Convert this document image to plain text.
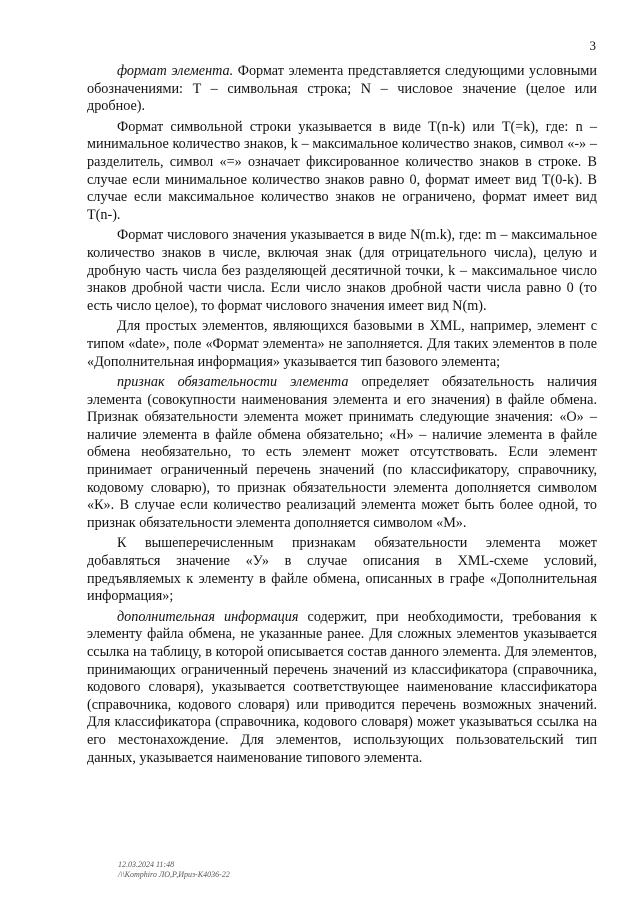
3

формат элемента. Формат элемента представляется следующими условными обозначениями: T – символьная строка; N – числовое значение (целое или дробное).

Формат символьной строки указывается в виде T(n-k) или T(=k), где: n – минимальное количество знаков, k – максимальное количество знаков, символ «-» – разделитель, символ «=» означает фиксированное количество знаков в строке. В случае если минимальное количество знаков равно 0, формат имеет вид T(0-k). В случае если максимальное количество знаков не ограничено, формат имеет вид T(n-).

Формат числового значения указывается в виде N(m.k), где: m – максимальное количество знаков в числе, включая знак (для отрицательного числа), целую и дробную часть числа без разделяющей десятичной точки, k – максимальное число знаков дробной части числа. Если число знаков дробной части числа равно 0 (то есть число целое), то формат числового значения имеет вид N(m).

Для простых элементов, являющихся базовыми в XML, например, элемент с типом «date», поле «Формат элемента» не заполняется. Для таких элементов в поле «Дополнительная информация» указывается тип базового элемента;

признак обязательности элемента определяет обязательность наличия элемента (совокупности наименования элемента и его значения) в файле обмена. Признак обязательности элемента может принимать следующие значения: «О» – наличие элемента в файле обмена обязательно; «Н» – наличие элемента в файле обмена необязательно, то есть элемент может отсутствовать. Если элемент принимает ограниченный перечень значений (по классификатору, справочнику, кодовому словарю), то признак обязательности элемента дополняется символом «К». В случае если количество реализаций элемента может быть более одной, то признак обязательности элемента дополняется символом «М».

К вышеперечисленным признакам обязательности элемента может добавляться значение «У» в случае описания в XML-схеме условий, предъявляемых к элементу в файле обмена, описанных в графе «Дополнительная информация»;

дополнительная информация содержит, при необходимости, требования к элементу файла обмена, не указанные ранее. Для сложных элементов указывается ссылка на таблицу, в которой описывается состав данного элемента. Для элементов, принимающих ограниченный перечень значений из классификатора (справочника, кодового словаря), указывается соответствующее наименование классификатора (справочника, кодового словаря) или приводится перечень возможных значений. Для классификатора (справочника, кодового словаря) может указываться ссылка на его местонахождение. Для элементов, использующих пользовательский тип данных, указывается наименование типового элемента.

12.03.2024 11:48
/\\Komphiro ЛО,Р,Ириз-К4036-22
